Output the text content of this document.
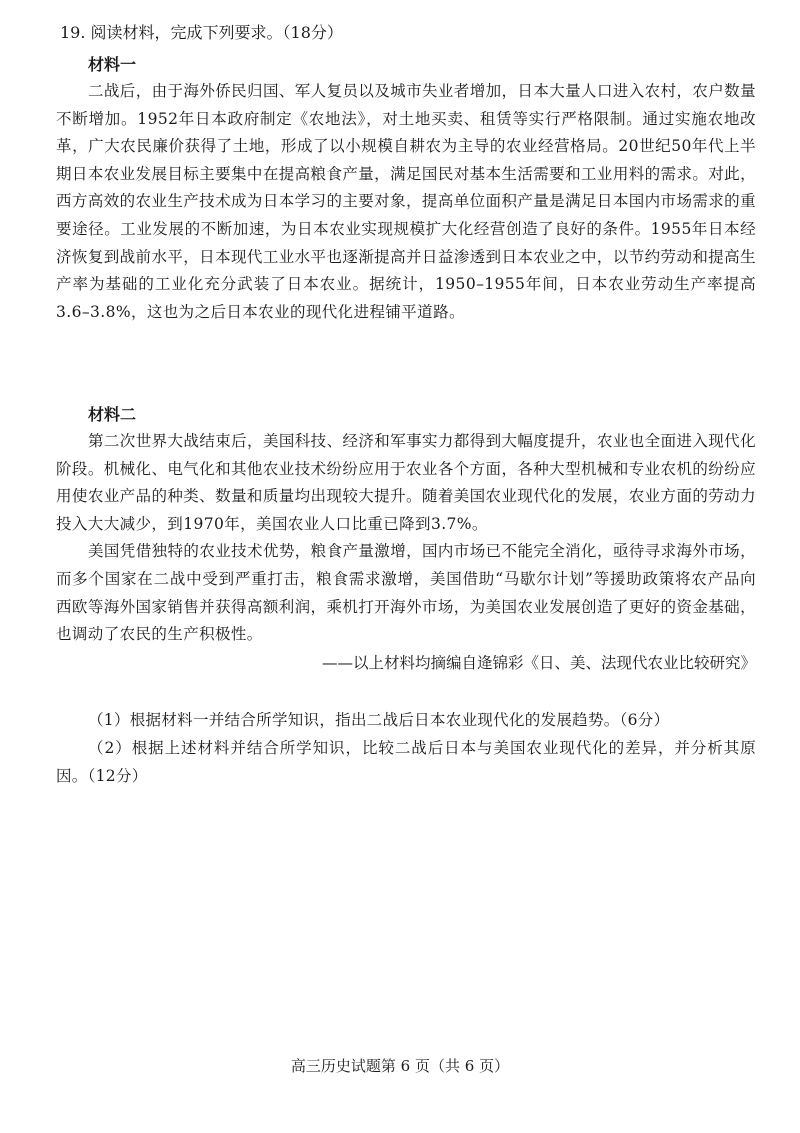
19. 阅读材料，完成下列要求。（18分）

材料一

二战后，由于海外侨民归国、军人复员以及城市失业者增加，日本大量人口进入农村，农户数量不断增加。1952年日本政府制定《农地法》，对土地买卖、租赁等实行严格限制。通过实施农地改革，广大农民廉价获得了土地，形成了以小规模自耕农为主导的农业经营格局。20世纪50年代上半期日本农业发展目标主要集中在提高粮食产量，满足国民对基本生活需要和工业用料的需求。对此，西方高效的农业生产技术成为日本学习的主要对象，提高单位面积产量是满足日本国内市场需求的重要途径。工业发展的不断加速，为日本农业实现规模扩大化经营创造了良好的条件。1955年日本经济恢复到战前水平，日本现代工业水平也逐渐提高并日益渗透到日本农业之中，以节约劳动和提高生产率为基础的工业化充分武装了日本农业。据统计，1950–1955年间，日本农业劳动生产率提高3.6–3.8%，这也为之后日本农业的现代化进程铺平道路。

材料二

第二次世界大战结束后，美国科技、经济和军事实力都得到大幅度提升，农业也全面进入现代化阶段。机械化、电气化和其他农业技术纷纷应用于农业各个方面，各种大型机械和专业农机的纷纷应用使农业产品的种类、数量和质量均出现较大提升。随着美国农业现代化的发展，农业方面的劳动力投入大大减少，到1970年，美国农业人口比重已降到3.7%。

美国凭借独特的农业技术优势，粮食产量激增，国内市场已不能完全消化，亟待寻求海外市场，而多个国家在二战中受到严重打击，粮食需求激增，美国借助“马歇尔计划”等援助政策将农产品向西欧等海外国家销售并获得高额利润，乘机打开海外市场，为美国农业发展创造了更好的资金基础，也调动了农民的生产积极性。

——以上材料均摘编自逄锦彩《日、美、法现代农业比较研究》

（1）根据材料一并结合所学知识，指出二战后日本农业现代化的发展趋势。（6分）

（2）根据上述材料并结合所学知识，比较二战后日本与美国农业现代化的差异，并分析其原因。（12分）

高三历史试题第 6 页（共 6 页）
